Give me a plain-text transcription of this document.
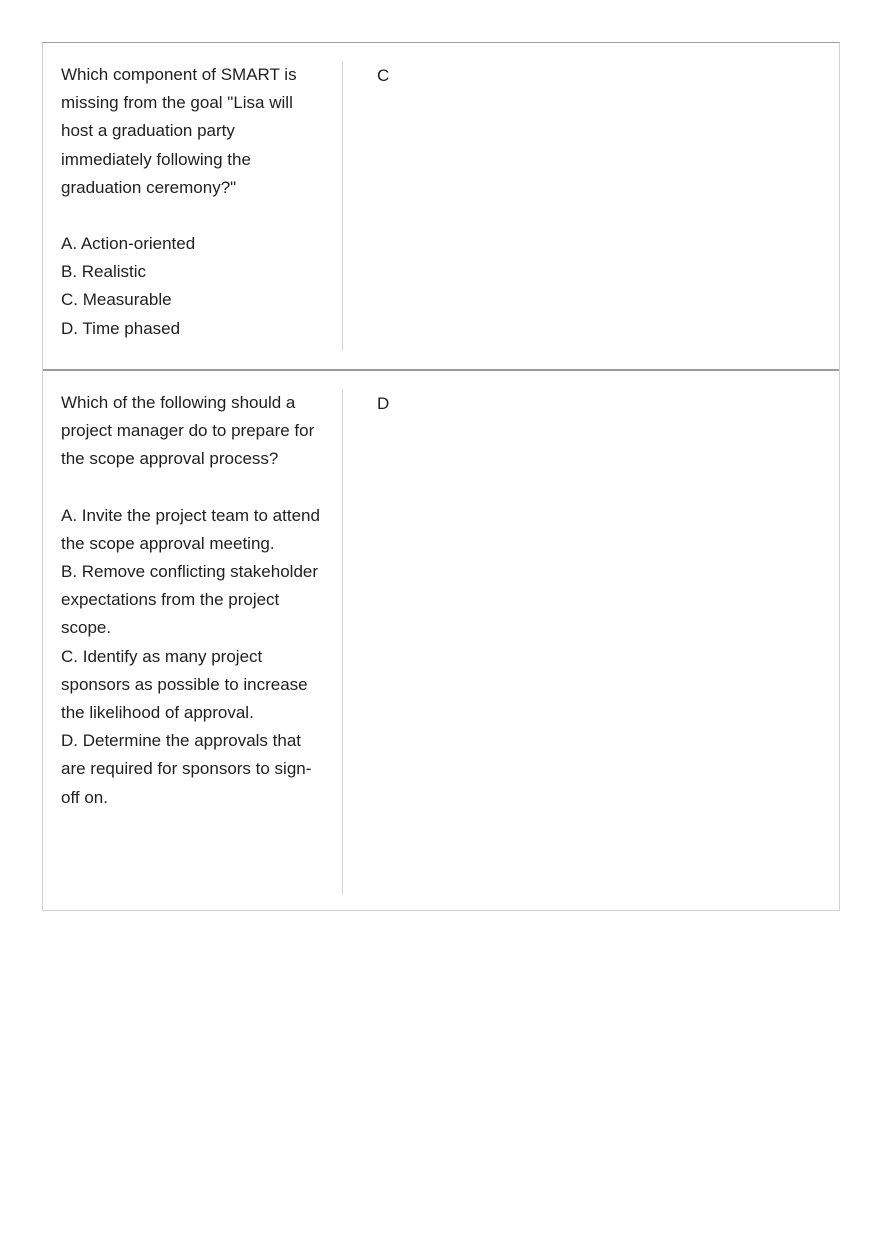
Which component of SMART is missing from the goal "Lisa will host a graduation party immediately following the graduation ceremony?"

A. Action-oriented

B. Realistic

C. Measurable

D. Time phased

C

Which of the following should a project manager do to prepare for the scope approval process?

A. Invite the project team to attend the scope approval meeting.

B. Remove conflicting stakeholder expectations from the project scope.

C. Identify as many project sponsors as possible to increase the likelihood of approval.

D. Determine the approvals that are required for sponsors to sign-off on.

D
